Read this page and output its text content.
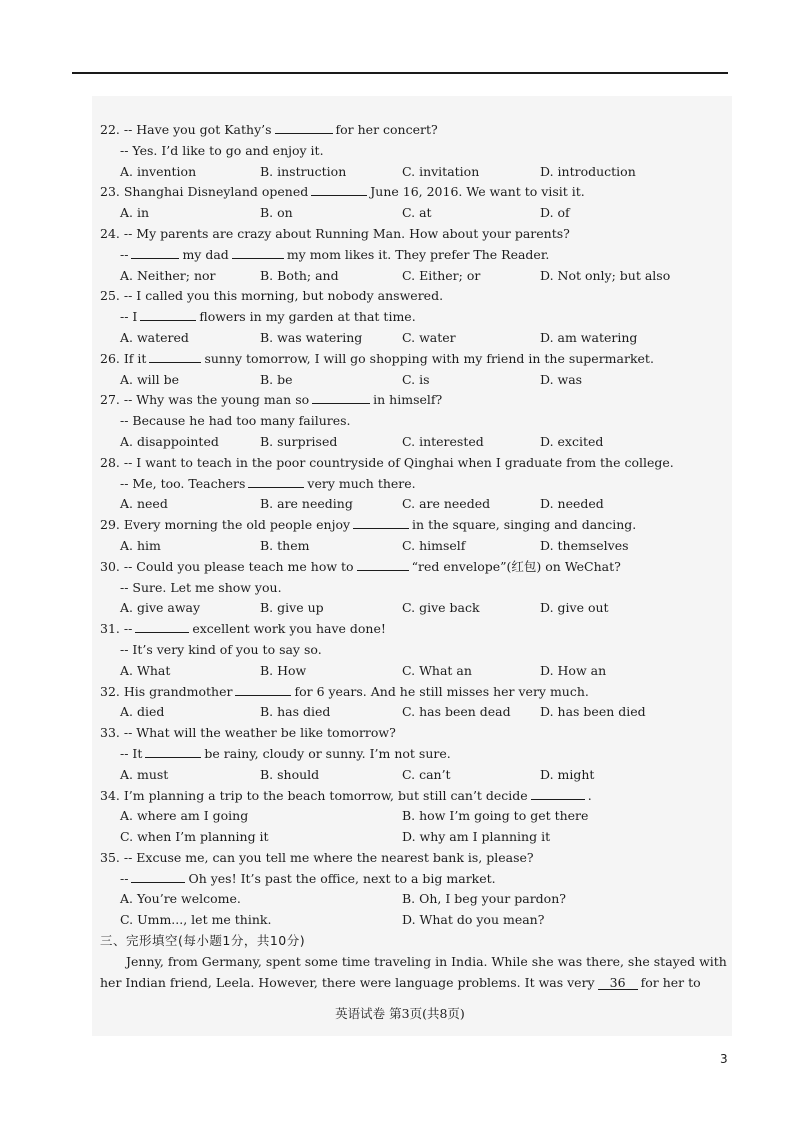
22. -- Have you got Kathy’s	for her concert?
-- Yes. I’d like to go and enjoy it.
A. invention	B. instruction	C. invitation	D. introduction
23. Shanghai Disneyland opened	June 16, 2016. We want to visit it.
A. in	B. on	C. at	D. of
24. -- My parents are crazy about Running Man. How about your parents?
--	my dad	my mom likes it. They prefer The Reader.
A. Neither; nor	B. Both; and	C. Either; or	D. Not only; but also
25. -- I called you this morning, but nobody answered.
-- I	flowers in my garden at that time.
A. watered	B. was watering	C. water	D. am watering
26. If it	sunny tomorrow, I will go shopping with my friend in the supermarket.
A. will be	B. be	C. is	D. was
27. -- Why was the young man so	in himself?
-- Because he had too many failures.
A. disappointed	B. surprised	C. interested	D. excited
28. -- I want to teach in the poor countryside of Qinghai when I graduate from the college.
-- Me, too. Teachers	very much there.
A. need	B. are needing	C. are needed	D. needed
29. Every morning the old people enjoy	in the square, singing and dancing.
A. him	B. them	C. himself	D. themselves
30. -- Could you please teach me how to	“red envelope”(红包) on WeChat?
-- Sure. Let me show you.
A. give away	B. give up	C. give back	D. give out
31. --	excellent work you have done!
-- It’s very kind of you to say so.
A. What	B. How	C. What an	D. How an
32. His grandmother	for 6 years. And he still misses her very much.
A. died	B. has died	C. has been dead D. has been died
33. -- What will the weather be like tomorrow?
-- It	be rainy, cloudy or sunny. I’m not sure.
A. must	B. should	C. can’t	D. might
34. I’m planning a trip to the beach tomorrow, but still can’t decide	.
A. where am I going	B. how I’m going to get there
C. when I’m planning it	D. why am I planning it
35. -- Excuse me, can you tell me where the nearest bank is, please?
--	Oh yes! It’s past the office, next to a big market.
A. You’re welcome.	B. Oh, I beg your pardon?
C. Umm..., let me think.	D. What do you mean?
三、完形填空(每小题1分，共10分)
Jenny, from Germany, spent some time traveling in India. While she was there, she stayed with
her Indian friend, Leela. However, there were language problems. It was very 36 for her to
英语试卷 第3页(共8页)
3
